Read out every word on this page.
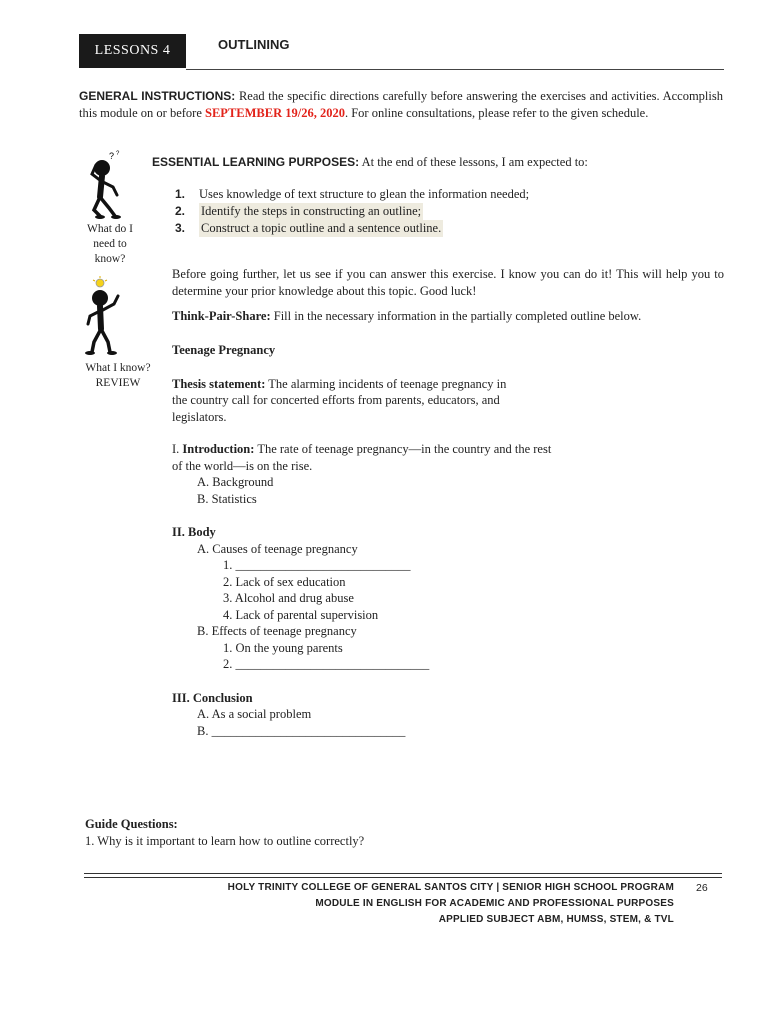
LESSONS 4	OUTLINING
GENERAL INSTRUCTIONS: Read the specific directions carefully before answering the exercises and activities. Accomplish this module on or before SEPTEMBER 19/26, 2020. For online consultations, please refer to the given schedule.
? ?
What do I
need to
know?
What I know?
REVIEW
ESSENTIAL LEARNING PURPOSES: At the end of these lessons, I am expected to:
1.	Uses knowledge of text structure to glean the information needed;
2.	Identify the steps in constructing an outline;
3.	Construct a topic outline and a sentence outline.
Before going further, let us see if you can answer this exercise. I know you can do it! This will help you to determine your prior knowledge about this topic. Good luck!
Think-Pair-Share: Fill in the necessary information in the partially completed outline below.
Teenage Pregnancy
Thesis statement: The alarming incidents of teenage pregnancy in
the country call for concerted efforts from parents, educators, and
legislators.
I. Introduction: The rate of teenage pregnancy—in the country and the rest
of the world—is on the rise.
A. Background
B. Statistics
II. Body
A. Causes of teenage pregnancy
1. ____________________________
2. Lack of sex education
3. Alcohol and drug abuse
4. Lack of parental supervision
B. Effects of teenage pregnancy
1. On the young parents
2. _______________________________
III. Conclusion
A. As a social problem
B. _______________________________
Guide Questions:
1. Why is it important to learn how to outline correctly?
HOLY TRINITY COLLEGE OF GENERAL SANTOS CITY | SENIOR HIGH SCHOOL PROGRAM
MODULE IN ENGLISH FOR ACADEMIC AND PROFESSIONAL PURPOSES
APPLIED SUBJECT ABM, HUMSS, STEM, & TVL
26
